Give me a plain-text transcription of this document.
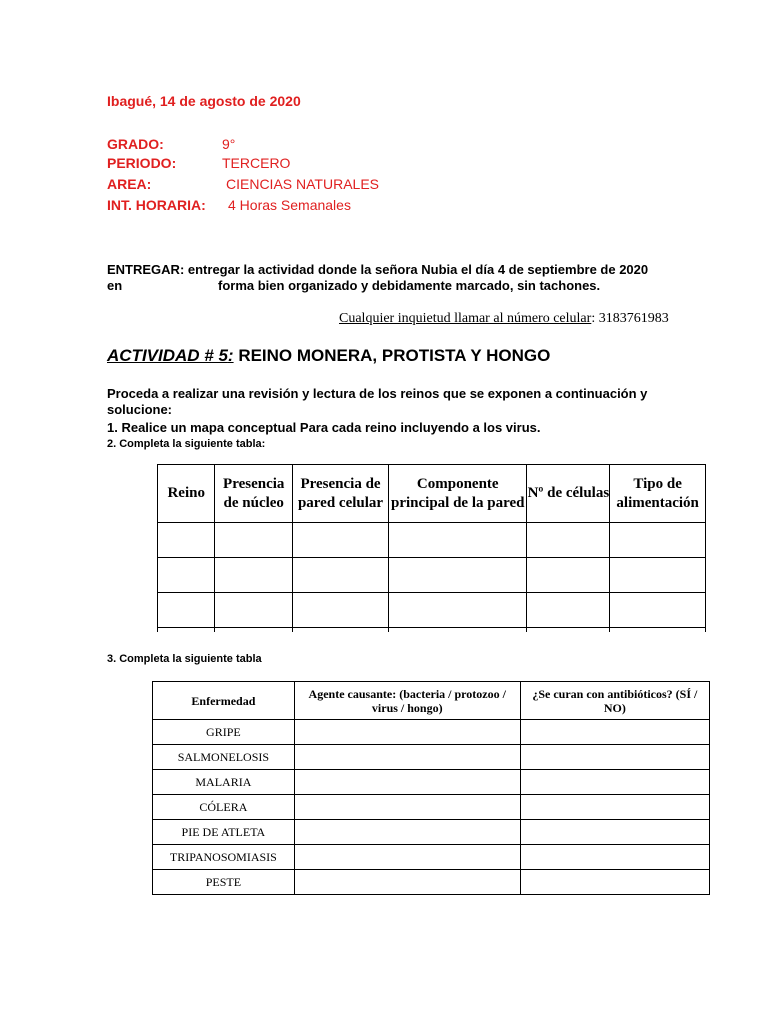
Ibagué, 14 de agosto de 2020
GRADO:	9°
PERIODO:	TERCERO
AREA:	CIENCIAS NATURALES
INT. HORARIA: 4 Horas Semanales
ENTREGAR: entregar la actividad donde la señora Nubia el día 4 de septiembre de 2020
en	forma bien organizado y debidamente marcado, sin tachones.
Cualquier inquietud llamar al número celular: 3183761983
ACTIVIDAD # 5: REINO MONERA, PROTISTA Y HONGO
Proceda a realizar una revisión y lectura de los reinos que se exponen a continuación y solucione:
1. Realice un mapa conceptual Para cada reino incluyendo a los virus.
2. Completa la siguiente tabla:
Reino	Presencia de núcleo	Presencia de pared celular	Componente principal de la pared	Nº de células	Tipo de alimentación

3. Completa la siguiente tabla
Enfermedad	Agente causante: (bacteria / protozoo / virus / hongo)	¿Se curan con antibióticos? (SÍ / NO)
GRIPE		
SALMONELOSIS		
MALARIA		
CÓLERA		
PIE DE ATLETA		
TRIPANOSOMIASIS		
PESTE		
